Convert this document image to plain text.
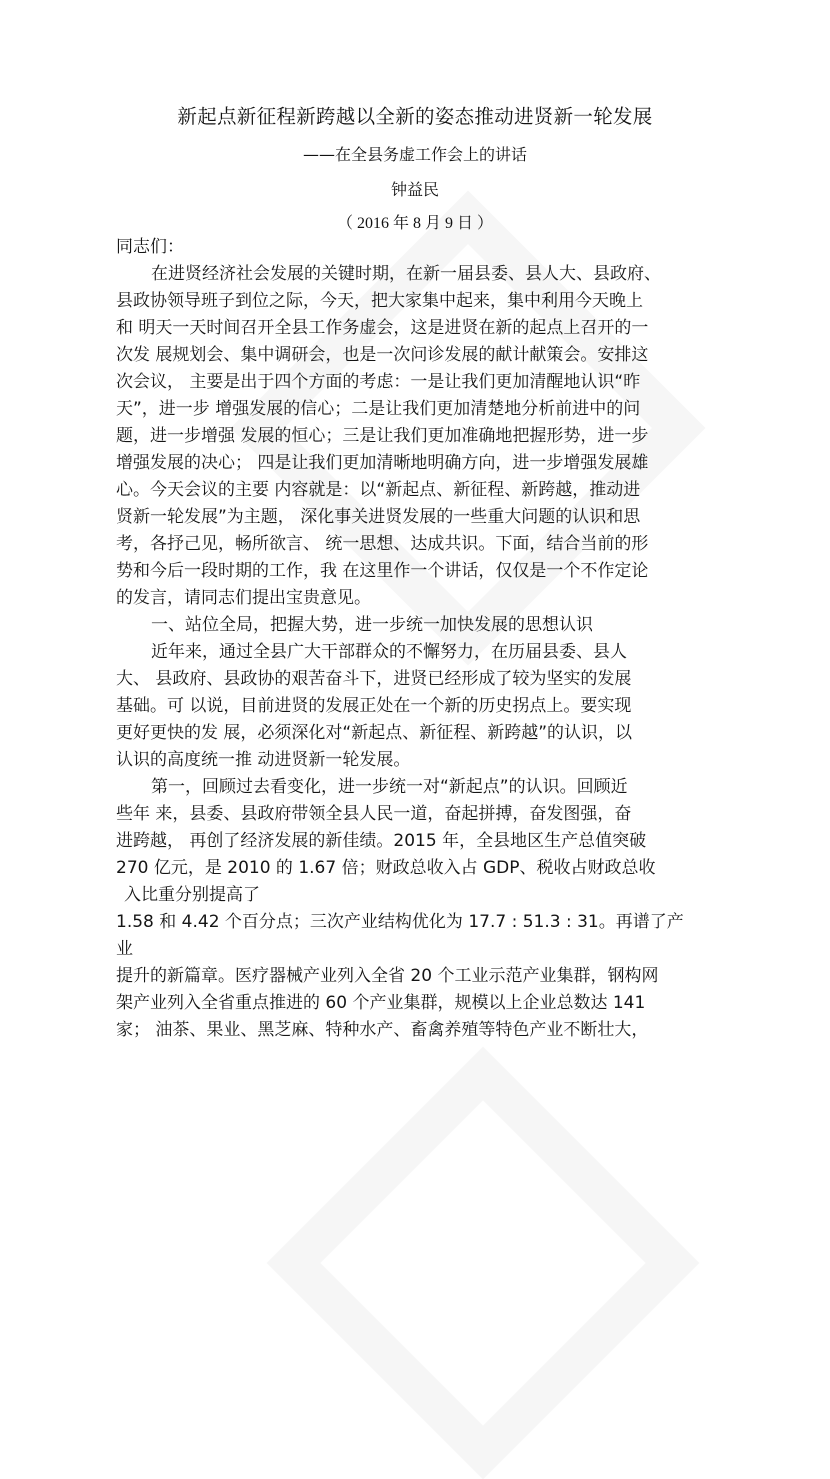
新起点新征程新跨越以全新的姿态推动进贤新一轮发展
——在全县务虚工作会上的讲话
钟益民
（ 2016 年 8 月 9 日 ）
同志们：
在进贤经济社会发展的关键时期，在新一届县委、县人大、县政府、
县政协领导班子到位之际，今天，把大家集中起来，集中利用今天晚上
和 明天一天时间召开全县工作务虚会，这是进贤在新的起点上召开的一
次发 展规划会、集中调研会，也是一次问诊发展的献计献策会。安排这
次会议， 主要是出于四个方面的考虑：一是让我们更加清醒地认识“昨
天”，进一步 增强发展的信心；二是让我们更加清楚地分析前进中的问
题，进一步增强 发展的恒心；三是让我们更加准确地把握形势，进一步
增强发展的决心； 四是让我们更加清晰地明确方向，进一步增强发展雄
心。今天会议的主要 内容就是：以“新起点、新征程、新跨越，推动进
贤新一轮发展”为主题， 深化事关进贤发展的一些重大问题的认识和思
考，各抒己见，畅所欲言、 统一思想、达成共识。下面，结合当前的形
势和今后一段时期的工作，我 在这里作一个讲话，仅仅是一个不作定论
的发言，请同志们提出宝贵意见。
一、站位全局，把握大势，进一步统一加快发展的思想认识
近年来，通过全县广大干部群众的不懈努力，在历届县委、县人
大、 县政府、县政协的艰苦奋斗下，进贤已经形成了较为坚实的发展
基础。可 以说，目前进贤的发展正处在一个新的历史拐点上。要实现
更好更快的发 展，必须深化对“新起点、新征程、新跨越”的认识，以
认识的高度统一推 动进贤新一轮发展。
第一，回顾过去看变化，进一步统一对“新起点”的认识。回顾近
些年 来，县委、县政府带领全县人民一道，奋起拼搏，奋发图强，奋
进跨越， 再创了经济发展的新佳绩。2015 年，全县地区生产总值突破
270 亿元，是 2010 的 1.67 倍；财政总收入占 GDP、税收占财政总收
入比重分别提高了
1.58 和 4.42 个百分点；三次产业结构优化为 17.7 : 51.3 : 31。再谱了产
业
提升的新篇章。医疗器械产业列入全省 20 个工业示范产业集群，钢构网
架产业列入全省重点推进的 60 个产业集群，规模以上企业总数达 141
家； 油茶、果业、黑芝麻、特种水产、畜禽养殖等特色产业不断壮大，
